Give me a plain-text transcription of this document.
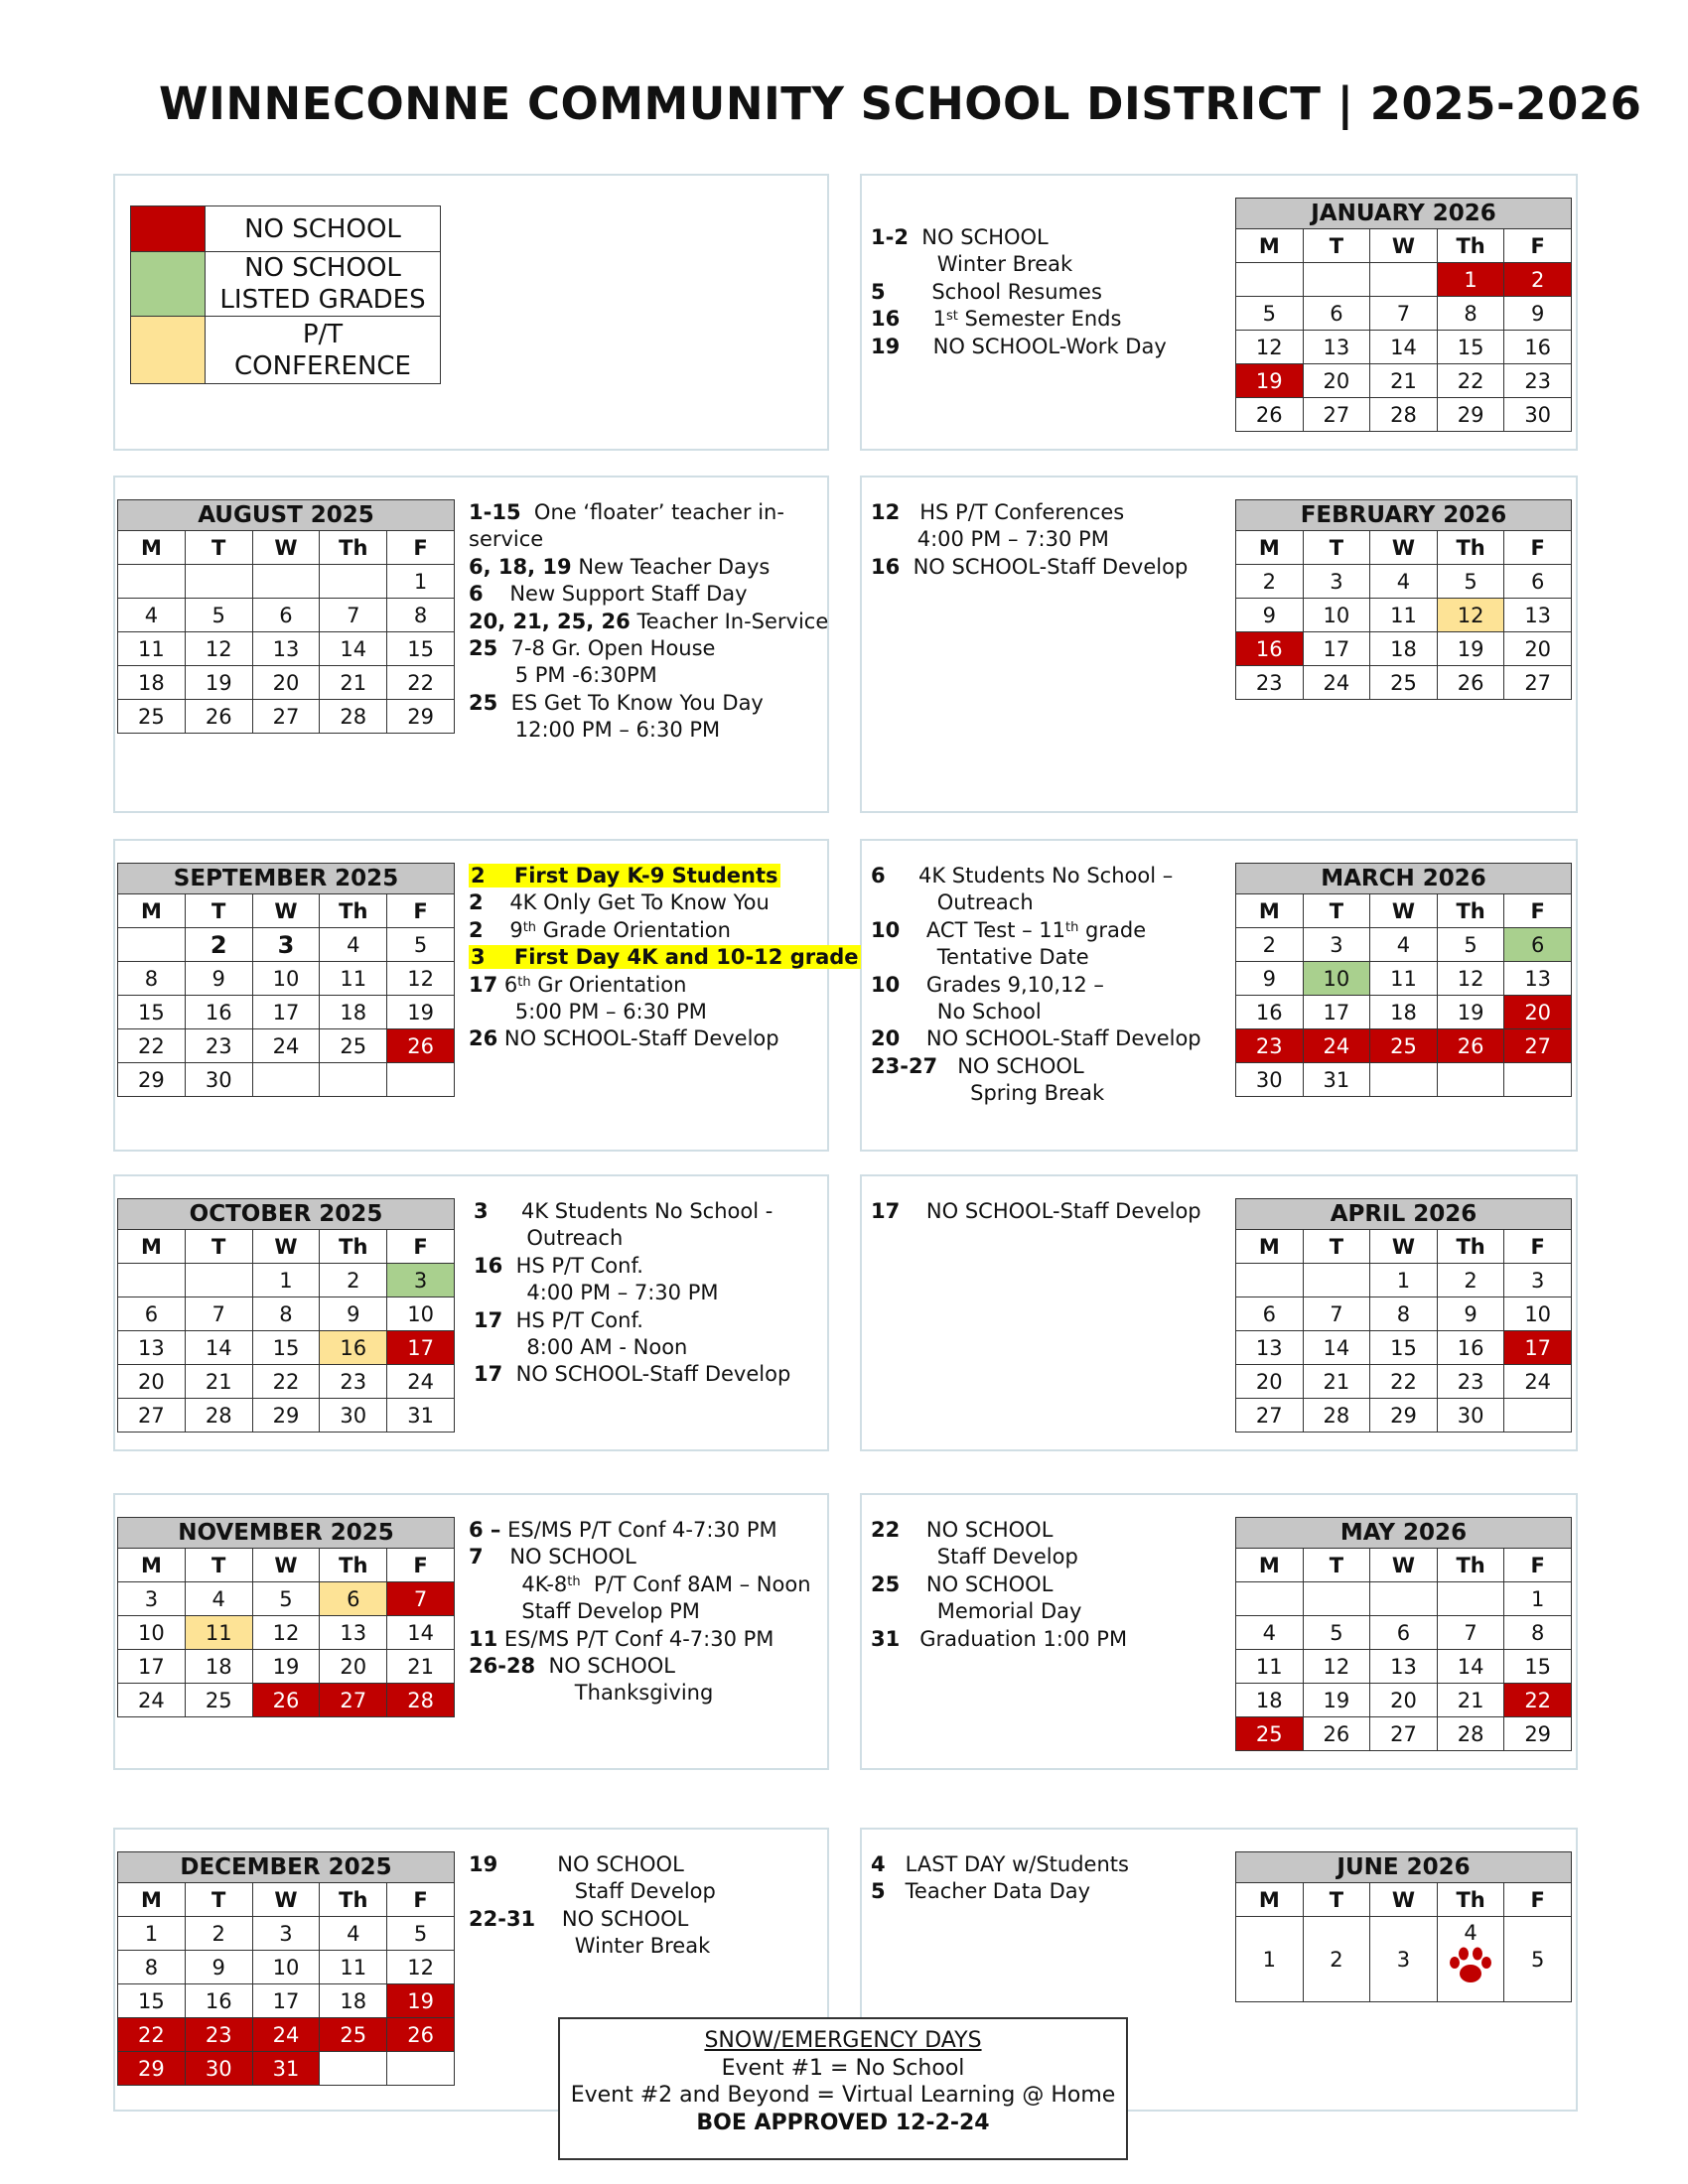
WINNECONNE COMMUNITY SCHOOL DISTRICT | 2025-2026

	NO SCHOOL

	NO SCHOOL
LISTED GRADES

	P/T
CONFERENCE
AUGUST 2025				
M	T	W	Th	F
				1
4	5	6	7	8
11	12	13	14	15
18	19	20	21	22
25	26	27	28	29
SEPTEMBER 2025				
M	T	W	Th	F
	2	3	4	5
8	9	10	11	12
15	16	17	18	19
22	23	24	25	26
29	30			
OCTOBER 2025				
M	T	W	Th	F
		1	2	3
6	7	8	9	10
13	14	15	16	17
20	21	22	23	24
27	28	29	30	31
NOVEMBER 2025				
M	T	W	Th	F
3	4	5	6	7
10	11	12	13	14
17	18	19	20	21
24	25	26	27	28
DECEMBER 2025				
M	T	W	Th	F
1	2	3	4	5
8	9	10	11	12
15	16	17	18	19
22	23	24	25	26
29	30	31		
JANUARY 2026				
M	T	W	Th	F
			1	2
5	6	7	8	9
12	13	14	15	16
19	20	21	22	23
26	27	28	29	30
FEBRUARY 2026				
M	T	W	Th	F
2	3	4	5	6
9	10	11	12	13
16	17	18	19	20
23	24	25	26	27
MARCH 2026				
M	T	W	Th	F
2	3	4	5	6
9	10	11	12	13
16	17	18	19	20
23	24	25	26	27
30	31			
APRIL 2026				
M	T	W	Th	F
		1	2	3
6	7	8	9	10
13	14	15	16	17
20	21	22	23	24
27	28	29	30	
MAY 2026				
M	T	W	Th	F
				1
4	5	6	7	8
11	12	13	14	15
18	19	20	21	22
25	26	27	28	29
JUNE 2026				
M	T	W	Th	F
1	2	3	4	5
1-2  NO SCHOOL
Winter Break
5       School Resumes
16     1st Semester Ends
19     NO SCHOOL-Work Day
1-15  One ‘floater’ teacher in-
service
6, 18, 19 New Teacher Days
6    New Support Staff Day
20, 21, 25, 26 Teacher In-Service
25  7-8 Gr. Open House
5 PM -6:30PM
25  ES Get To Know You Day
12:00 PM – 6:30 PM
12   HS P/T Conferences
4:00 PM – 7:30 PM
16  NO SCHOOL-Staff Develop
2    First Day K-9 Students
2    4K Only Get To Know You
2    9th Grade Orientation
3    First Day 4K and 10-12 grade
17 6th Gr Orientation
5:00 PM – 6:30 PM
26 NO SCHOOL-Staff Develop
6     4K Students No School –
Outreach
10    ACT Test – 11th grade
Tentative Date
10    Grades 9,10,12 –
No School
20    NO SCHOOL-Staff Develop
23-27   NO SCHOOL
Spring Break
3     4K Students No School -
Outreach
16  HS P/T Conf.
4:00 PM – 7:30 PM
17  HS P/T Conf.
8:00 AM - Noon
17  NO SCHOOL-Staff Develop
17    NO SCHOOL-Staff Develop
6 – ES/MS P/T Conf 4-7:30 PM
7    NO SCHOOL
4K-8th  P/T Conf 8AM – Noon
Staff Develop PM
11 ES/MS P/T Conf 4-7:30 PM
26-28  NO SCHOOL
Thanksgiving
22    NO SCHOOL
Staff Develop
25    NO SCHOOL
Memorial Day
31   Graduation 1:00 PM
19         NO SCHOOL
Staff Develop
22-31    NO SCHOOL
Winter Break
4   LAST DAY w/Students
5   Teacher Data Day
SNOW/EMERGENCY DAYS
Event #1 = No School
Event #2 and Beyond = Virtual Learning @ Home
BOE APPROVED 12-2-24
